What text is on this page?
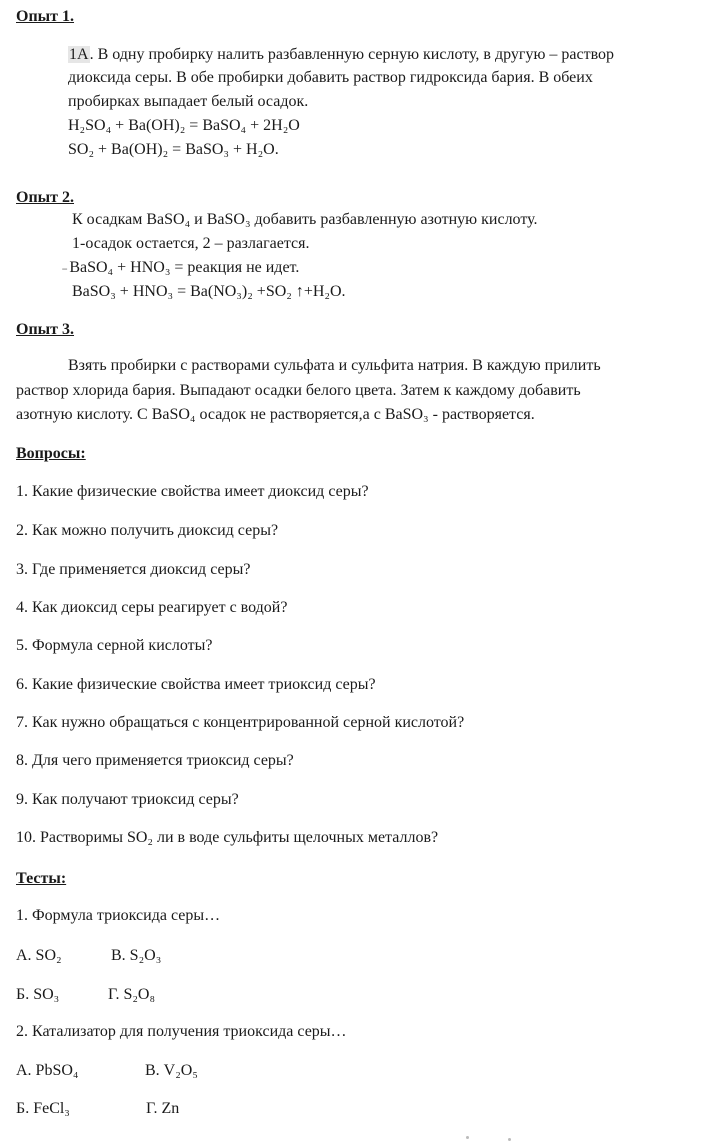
Опыт 1.
1А. В одну пробирку налить разбавленную серную кислоту, в другую – раствор
диоксида серы. В обе пробирки добавить раствор гидроксида бария. В обеих
пробирках выпадает белый осадок.
H₂SO₄ + Ba(OH)₂ = BaSO₄ + 2H₂O
SO₂ + Ba(OH)₂ = BaSO₃ + H₂O.
Опыт 2.
К осадкам BaSO₄ и BaSO₃ добавить разбавленную азотную кислоту.
1-осадок остается, 2 – разлагается.
˗ BaSO₄ + HNO₃ = реакция не идет.
BaSO₃ + HNO₃ = Ba(NO₃)₂ +SO₂ ↑+H₂O.
Опыт 3.
Взять пробирки с растворами сульфата и сульфита натрия. В каждую прилить
раствор хлорида бария. Выпадают осадки белого цвета. Затем к каждому добавить
азотную кислоту. С BaSO₄ осадок не растворяется,а с BaSO₃ - растворяется.
Вопросы:
1. Какие физические свойства имеет диоксид серы?
2. Как можно получить диоксид серы?
3. Где применяется диоксид серы?
4. Как диоксид серы реагирует с водой?
5. Формула серной кислоты?
6. Какие физические свойства имеет триоксид серы?
7. Как нужно обращаться с концентрированной серной кислотой?
8. Для чего применяется триоксид серы?
9. Как получают триоксид серы?
10. Растворимы SO₂ ли в воде сульфиты щелочных металлов?
Тесты:
1. Формула триоксида серы…
А. SO₂	В. S₂O₃
Б. SO₃	Г. S₂O₈
2. Катализатор для получения триоксида серы…
А. PbSO₄	В. V₂O₅
Б. FeCl₃	Г. Zn
